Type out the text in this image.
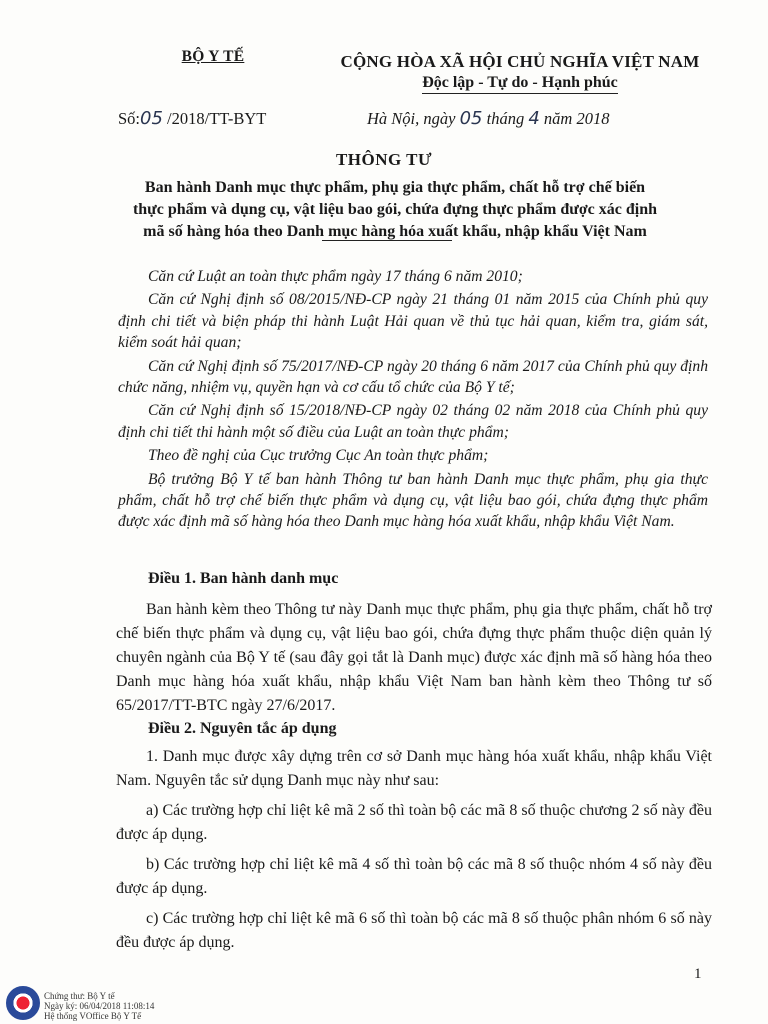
BỘ Y TẾ	CỘNG HÒA XÃ HỘI CHỦ NGHĨA VIỆT NAM
Độc lập - Tự do - Hạnh phúc
Số:05 /2018/TT-BYT	Hà Nội, ngày 05 tháng 4 năm 2018
THÔNG TƯ
Ban hành Danh mục thực phẩm, phụ gia thực phẩm, chất hỗ trợ chế biến
thực phẩm và dụng cụ, vật liệu bao gói, chứa đựng thực phẩm được xác định
mã số hàng hóa theo Danh mục hàng hóa xuất khẩu, nhập khẩu Việt Nam

Căn cứ Luật an toàn thực phẩm ngày 17 tháng 6 năm 2010;

Căn cứ Nghị định số 08/2015/NĐ-CP ngày 21 tháng 01 năm 2015 của Chính phủ quy định chi tiết và biện pháp thi hành Luật Hải quan về thủ tục hải quan, kiểm tra, giám sát, kiểm soát hải quan;

Căn cứ Nghị định số 75/2017/NĐ-CP ngày 20 tháng 6 năm 2017 của Chính phủ quy định chức năng, nhiệm vụ, quyền hạn và cơ cấu tổ chức của Bộ Y tế;

Căn cứ Nghị định số 15/2018/NĐ-CP ngày 02 tháng 02 năm 2018 của Chính phủ quy định chi tiết thi hành một số điều của Luật an toàn thực phẩm;

Theo đề nghị của Cục trưởng Cục An toàn thực phẩm;

Bộ trưởng Bộ Y tế ban hành Thông tư ban hành Danh mục thực phẩm, phụ gia thực phẩm, chất hỗ trợ chế biến thực phẩm và dụng cụ, vật liệu bao gói, chứa đựng thực phẩm được xác định mã số hàng hóa theo Danh mục hàng hóa xuất khẩu, nhập khẩu Việt Nam.

Điều 1. Ban hành danh mục

Ban hành kèm theo Thông tư này Danh mục thực phẩm, phụ gia thực phẩm, chất hỗ trợ chế biến thực phẩm và dụng cụ, vật liệu bao gói, chứa đựng thực phẩm thuộc diện quản lý chuyên ngành của Bộ Y tế (sau đây gọi tắt là Danh mục) được xác định mã số hàng hóa theo Danh mục hàng hóa xuất khẩu, nhập khẩu Việt Nam ban hành kèm theo Thông tư số 65/2017/TT-BTC ngày 27/6/2017.

Điều 2. Nguyên tắc áp dụng

1. Danh mục được xây dựng trên cơ sở Danh mục hàng hóa xuất khẩu, nhập khẩu Việt Nam. Nguyên tắc sử dụng Danh mục này như sau:

a) Các trường hợp chỉ liệt kê mã 2 số thì toàn bộ các mã 8 số thuộc chương 2 số này đều được áp dụng.

b) Các trường hợp chỉ liệt kê mã 4 số thì toàn bộ các mã 8 số thuộc nhóm 4 số này đều được áp dụng.

c) Các trường hợp chỉ liệt kê mã 6 số thì toàn bộ các mã 8 số thuộc phân nhóm 6 số này đều được áp dụng.

1
Chứng thư: Bộ Y tế
Ngày ký: 06/04/2018 11:08:14
Hệ thống VOffice Bộ Y Tế
